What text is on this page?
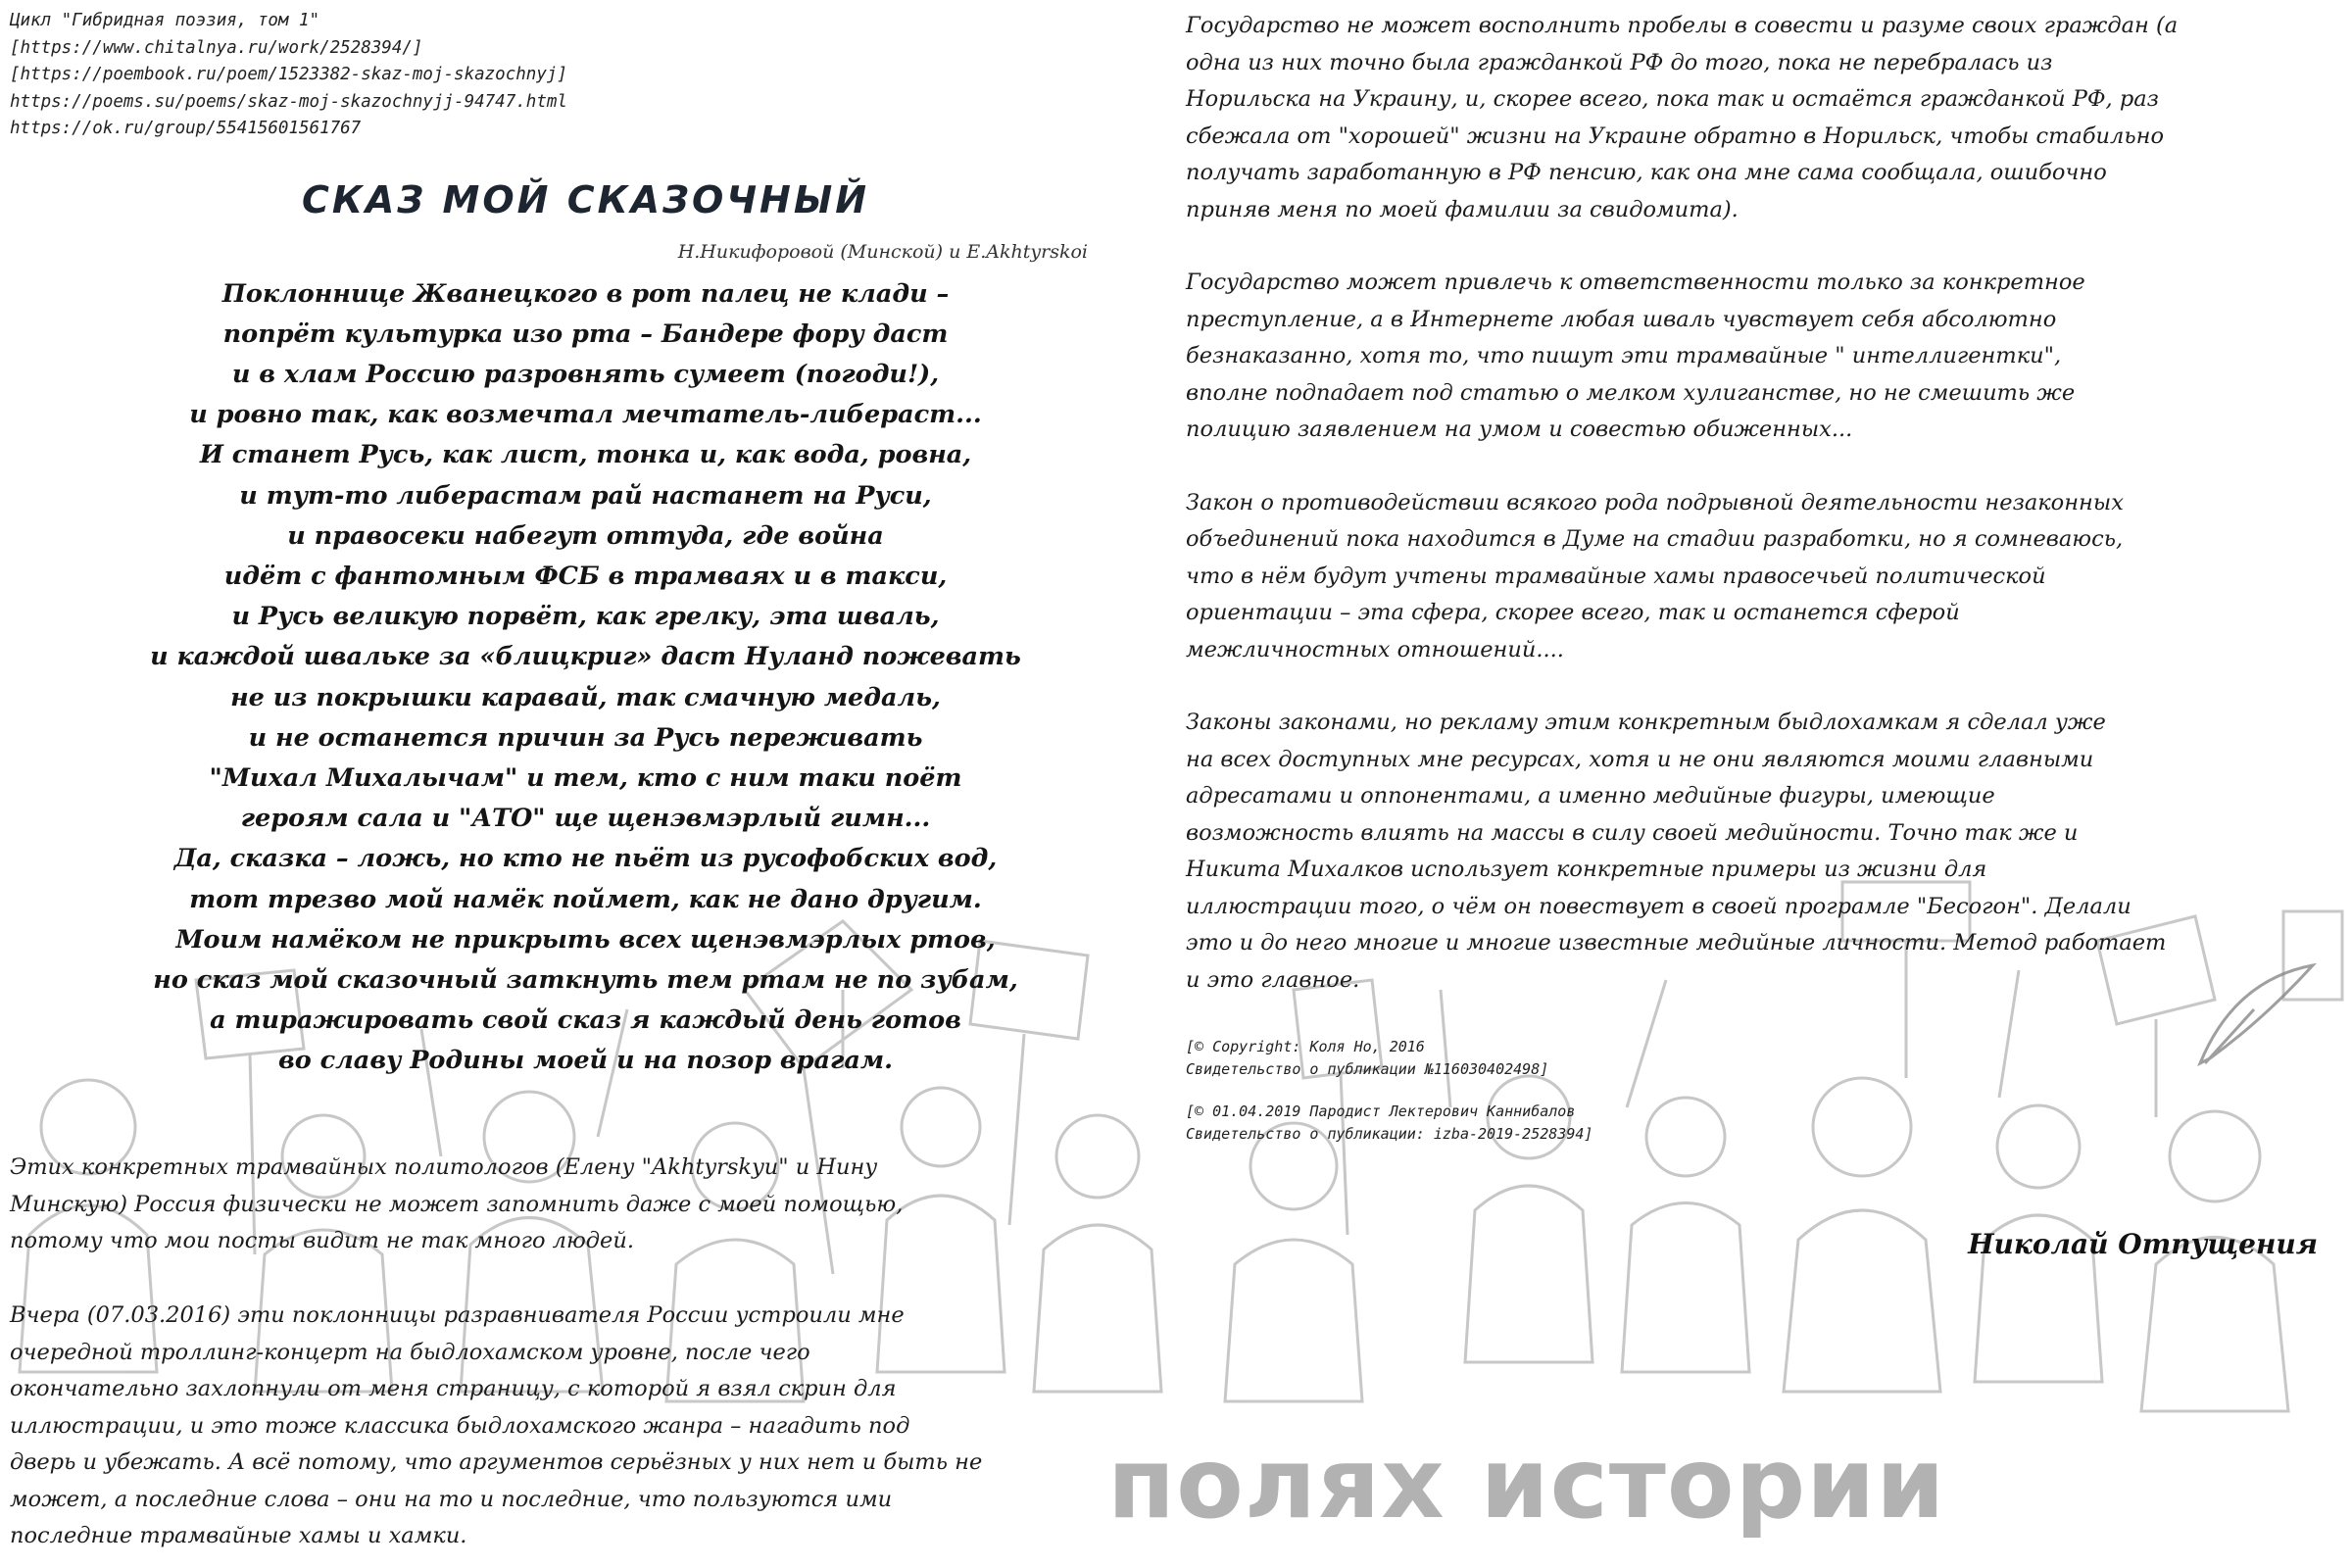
полях истории
Цикл "Гибридная поэзия, том 1"
[https://www.chitalnya.ru/work/2528394/]
[https://poembook.ru/poem/1523382-skaz-moj-skazochnyj]
https://poems.su/poems/skaz-moj-skazochnyjj-94747.html
https://ok.ru/group/55415601561767
СКАЗ МОЙ СКАЗОЧНЫЙ
Н.Никифоровой (Минской) и E.Akhtyrskoi
Поклоннице Жванецкого в рот палец не клади –
попрёт культурка изо рта – Бандере фору даст
и в хлам Россию разровнять сумеет (погоди!),
и ровно так, как возмечтал мечтатель-либераст...
И станет Русь, как лист, тонка и, как вода, ровна,
и тут-то либерастам рай настанет на Руси,
и правосеки набегут оттуда, где война
идёт с фантомным ФСБ в трамваях и в такси,
и Русь великую порвёт, как грелку, эта шваль,
и каждой швальке за «блицкриг» даст Нуланд пожевать
не из покрышки каравай, так смачную медаль,
и не останется причин за Русь переживать
"Михал Михалычам" и тем, кто с ним таки поёт
героям сала и "АТО" ще щенэвмэрлый гимн...
Да, сказка – ложь, но кто не пьёт из русофобских вод,
тот трезво мой намёк поймет, как не дано другим.
Моим намёком не прикрыть всех щенэвмэрлых ртов,
но сказ мой сказочный заткнуть тем ртам не по зубам,
а тиражировать свой сказ я каждый день готов
во славу Родины моей и на позор врагам.
Этих конкретных трамвайных политологов (Елену "Akhtyrskyu" и Нину
Минскую) Россия физически не может запомнить даже с моей помощью,
потому что мои посты видит не так много людей.
Вчера (07.03.2016) эти поклонницы разравнивателя России устроили мне
очередной троллинг-концерт на быдлохамском уровне, после чего
окончательно захлопнули от меня страницу, с которой я взял скрин для
иллюстрации, и это тоже классика быдлохамского жанра – нагадить под
дверь и убежать. А всё потому, что аргументов серьёзных у них нет и быть не
может, а последние слова – они на то и последние, что пользуются ими
последние трамвайные хамы и хамки.

Государство не может восполнить пробелы в совести и разуме своих граждан (а
одна из них точно была гражданкой РФ до того, пока не перебралась из
Норильска на Украину, и, скорее всего, пока так и остаётся гражданкой РФ, раз
сбежала от "хорошей" жизни на Украине обратно в Норильск, чтобы стабильно
получать заработанную в РФ пенсию, как она мне сама сообщала, ошибочно
приняв меня по моей фамилии за свидомита).

Государство может привлечь к ответственности только за конкретное
преступление, а в Интернете любая шваль чувствует себя абсолютно
безнаказанно, хотя то, что пишут эти трамвайные " интеллигентки",
вполне подпадает под статью о мелком хулиганстве, но не смешить же
полицию заявлением на умом и совестью обиженных...

Закон о противодействии всякого рода подрывной деятельности незаконных
объединений пока находится в Думе на стадии разработки, но я сомневаюсь,
что в нём будут учтены трамвайные хамы правосечьей политической
ориентации – эта сфера, скорее всего, так и останется сферой
межличностных отношений....

Законы законами, но рекламу этим конкретным быдлохамкам я сделал уже
на всех доступных мне ресурсах, хотя и не они являются моими главными
адресатами и оппонентами, а именно медийные фигуры, имеющие
возможность влиять на массы в силу своей медийности. Точно так же и
Никита Михалков использует конкретные примеры из жизни для
иллюстрации того, о чём он повествует в своей програмле "Бесогон". Делали
это и до него многие и многие известные медийные личности. Метод работает
и это главное.

[© Copyright: Коля Но, 2016
Свидетельство о публикации №116030402498]
[© 01.04.2019 Пародист Лектерович Каннибалов
Свидетельство о публикации: izba-2019-2528394]
Николай Отпущения
